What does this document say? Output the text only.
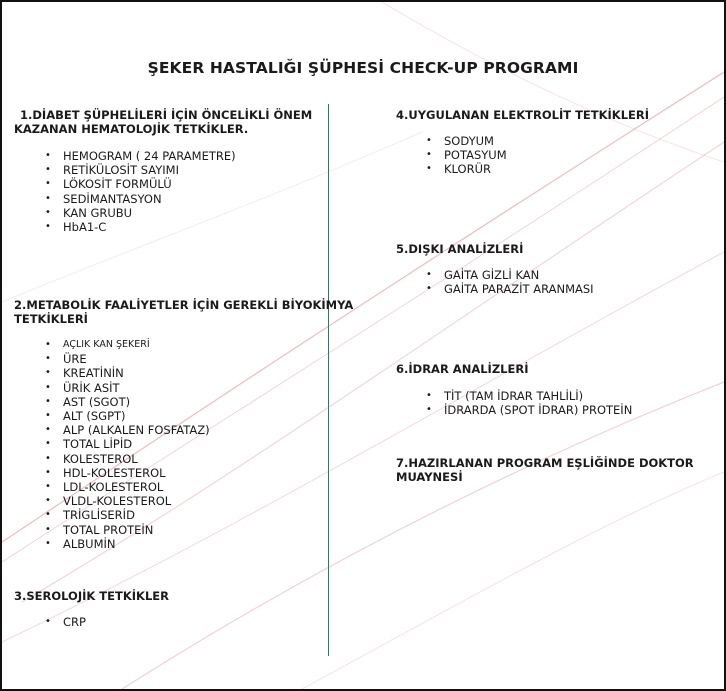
ŞEKER HASTALIĞI ŞÜPHESİ CHECK-UP PROGRAMI
1.DİABET ŞÜPHELİLERİ İÇİN ÖNCELİKLİ ÖNEM
KAZANAN HEMATOLOJİK TETKİKLER.
• HEMOGRAM ( 24 PARAMETRE)
• RETİKÜLOSİT SAYIMI
• LÖKOSİT FORMÜLÜ
• SEDİMANTASYON
• KAN GRUBU
• HbA1-C
2.METABOLİK FAALİYETLER İÇİN GEREKLİ BİYOKİMYA
TETKİKLERİ
• AÇLIK KAN ŞEKERİ
• ÜRE
• KREATİNİN
• ÜRİK ASİT
• AST (SGOT)
• ALT (SGPT)
• ALP (ALKALEN FOSFATAZ)
• TOTAL LİPİD
• KOLESTEROL
• HDL-KOLESTEROL
• LDL-KOLESTEROL
• VLDL-KOLESTEROL
• TRİGLİSERİD
• TOTAL PROTEİN
• ALBUMİN
3.SEROLOJİK TETKİKLER
• CRP
4.UYGULANAN ELEKTROLİT TETKİKLERİ
• SODYUM
• POTASYUM
• KLORÜR
5.DIŞKI ANALİZLERİ
• GAİTA GİZLİ KAN
• GAİTA PARAZİT ARANMASI
6.İDRAR ANALİZLERİ
• TİT (TAM İDRAR TAHLİLİ)
• İDRARDA (SPOT İDRAR) PROTEİN
7.HAZIRLANAN PROGRAM EŞLİĞİNDE DOKTOR
MUAYNESİ
